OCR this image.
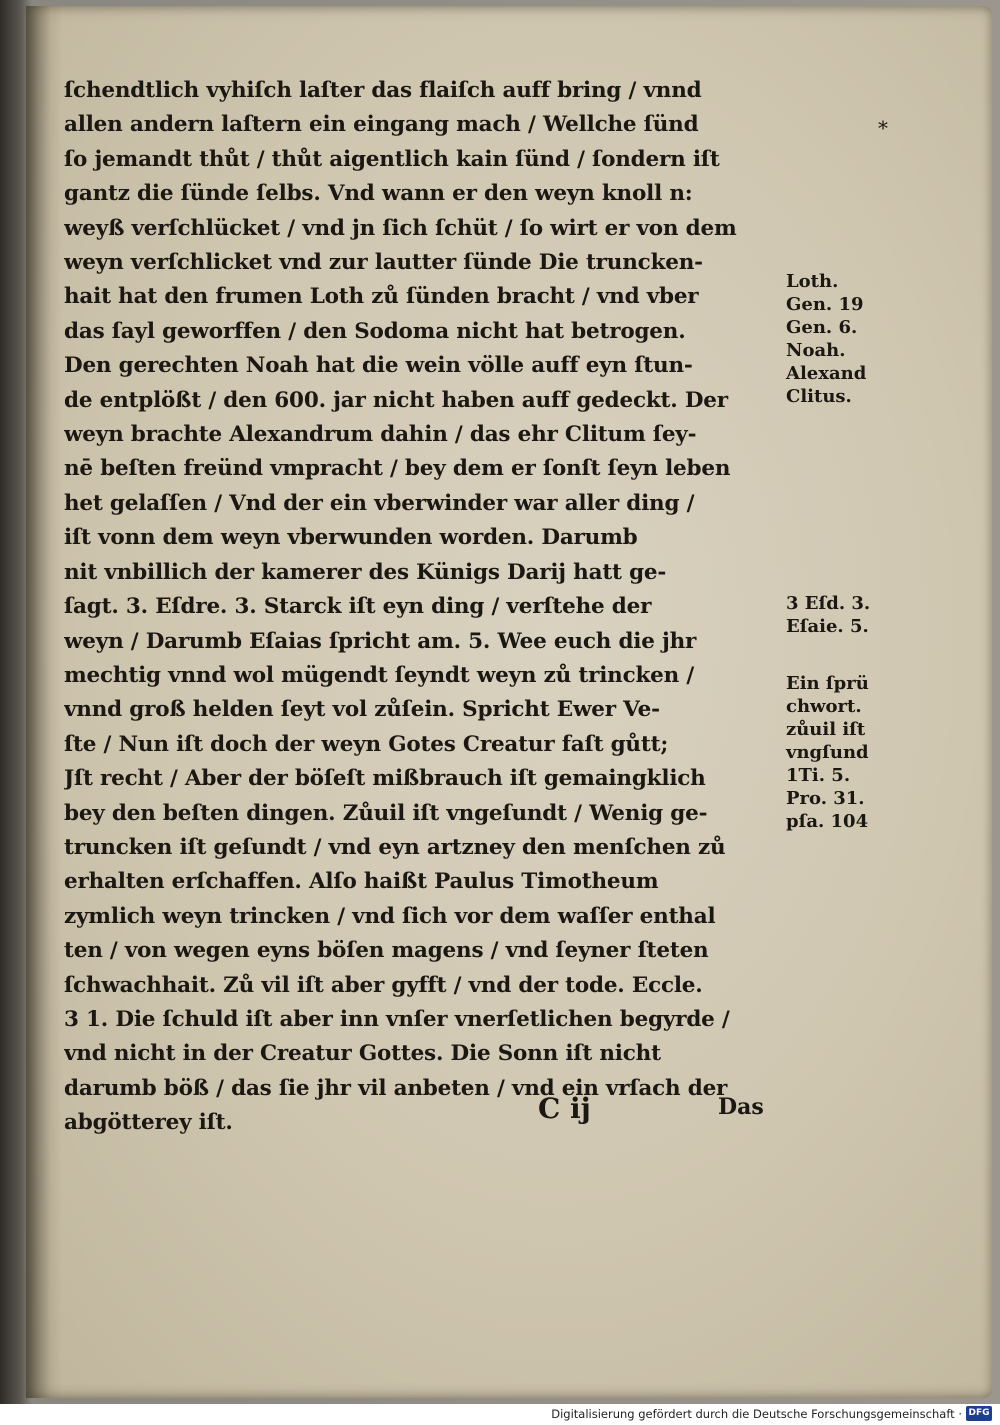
ſchendtlich vyhiſch laſter das flaiſch auff bring / vnnd
allen andern laſtern ein eingang mach / Wellche ſünd
ſo jemandt thůt / thůt aigentlich kain ſünd / ſondern iſt
gantz die ſünde ſelbs. Vnd wann er den weyn knoll n:
weyß verſchlücket / vnd jn ſich ſchüt / ſo wirt er von dem
weyn verſchlicket vnd zur lautter ſünde Die truncken-
hait hat den frumen Loth zů ſünden bracht / vnd vber
das ſayl geworffen / den Sodoma nicht hat betrogen.
Den gerechten Noah hat die wein völle auff eyn ſtun-
de entplößt / den 600. jar nicht haben auff gedeckt. Der
weyn brachte Alexandrum dahin / das ehr Clitum ſey-
nē beſten freünd vmpracht / bey dem er ſonſt ſeyn leben
het gelaſſen / Vnd der ein vberwinder war aller ding /
iſt vonn dem weyn vberwunden worden. Darumb
nit vnbillich der kamerer des Künigs Darij hatt ge-
ſagt. 3. Eſdre. 3. Starck iſt eyn ding / verſtehe der
weyn / Darumb Eſaias ſpricht am. 5. Wee euch die jhr
mechtig vnnd wol mügendt ſeyndt weyn zů trincken /
vnnd groß helden ſeyt vol zůſein. Spricht Ewer Ve-
ſte / Nun iſt doch der weyn Gotes Creatur faſt gůtt;
Jſt recht / Aber der böſeſt mißbrauch iſt gemaingklich
bey den beſten dingen. Zůuil iſt vngeſundt / Wenig ge-
truncken iſt geſundt / vnd eyn artzney den menſchen zů
erhalten erſchaffen. Alſo haißt Paulus Timotheum
zymlich weyn trincken / vnd ſich vor dem waſſer enthal
ten / von wegen eyns böſen magens / vnd ſeyner ſteten
ſchwachhait. Zů vil iſt aber gyfft / vnd der tode. Eccle.
3 1. Die ſchuld iſt aber inn vnſer vnerſetlichen begyrde /
vnd nicht in der Creatur Gottes. Die Sonn iſt nicht
darumb böß / das ſie jhr vil anbeten / vnd ein vrſach der
abgötterey iſt.
Loth.
Gen. 19
Gen. 6.
Noah.
Alexand
Clitus.
3 Eſd. 3.
Eſaie. 5.
Ein ſprü
chwort.
zůuil iſt
vngſund
1Ti. 5.
Pro. 31.
pſa. 104
*
C ij	Das
Digitalisierung gefördert durch die Deutsche Forschungsgemeinschaft · DFG
